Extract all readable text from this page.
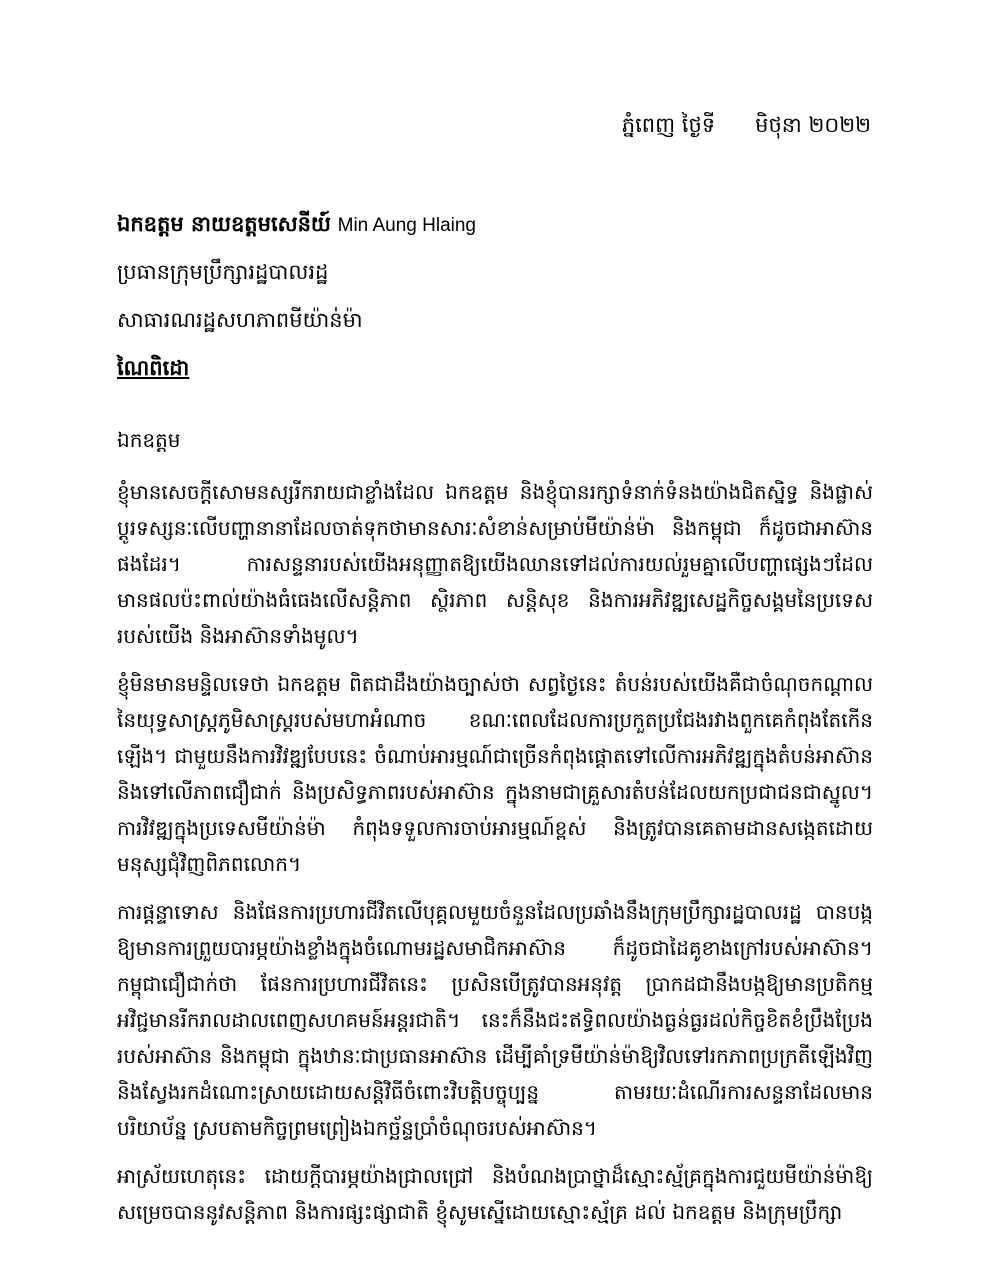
ភ្នំពេញ ថ្ងៃទី មិថុនា ២០២២
ឯកឧត្តម នាយឧត្តមសេនីយ៍ Min Aung Hlaing
ប្រធានក្រុមប្រឹក្សារដ្ឋបាលរដ្ឋ
សាធារណរដ្ឋសហភាពមីយ៉ាន់ម៉ា
ណៃពិដោ
ឯកឧត្តម

ខ្ញុំមានសេចក្តីសោមនស្សរីករាយជាខ្លាំងដែល ឯកឧត្តម និងខ្ញុំបានរក្សាទំនាក់ទំនងយ៉ាងជិតស្និទ្ធ និងផ្លាស់ប្តូរទស្សនៈលើបញ្ហានានាដែលចាត់ទុកថាមានសារៈសំខាន់សម្រាប់មីយ៉ាន់ម៉ា និងកម្ពុជា ក៏ដូចជាអាស៊ានផងដែរ។ ការសន្ទនារបស់យើងអនុញ្ញាតឱ្យយើងឈានទៅដល់ការយល់រួមគ្នាលើបញ្ហាផ្សេងៗដែលមានផលប៉ះពាល់យ៉ាងធំធេងលើសន្តិភាព ស្ថិរភាព សន្តិសុខ និងការអភិវឌ្ឍសេដ្ឋកិច្ចសង្គមនៃប្រទេសរបស់យើង និងអាស៊ានទាំងមូល។

ខ្ញុំមិនមានមន្ទិលទេថា ឯកឧត្តម ពិតជាដឹងយ៉ាងច្បាស់ថា សព្វថ្ងៃនេះ តំបន់របស់យើងគឺជាចំណុចកណ្តាលនៃយុទ្ធសាស្ត្រភូមិសាស្ត្ររបស់មហាអំណាច ខណៈពេលដែលការប្រកួតប្រជែងរវាងពួកគេកំពុងតែកើនឡើង។ ជាមួយនឹងការវិវឌ្ឍបែបនេះ ចំណាប់អារម្មណ៍ជាច្រើនកំពុងផ្តោតទៅលើការអភិវឌ្ឍក្នុងតំបន់អាស៊ាន និងទៅលើភាពជឿជាក់ និងប្រសិទ្ធភាពរបស់អាស៊ាន ក្នុងនាមជាគ្រួសារតំបន់ដែលយកប្រជាជនជាស្នូល។ ការវិវឌ្ឍក្នុងប្រទេសមីយ៉ាន់ម៉ា កំពុងទទួលការចាប់អារម្មណ៍ខ្ពស់ និងត្រូវបានគេតាមដានសង្កេតដោយមនុស្សជុំវិញពិភពលោក។

ការផ្តន្ទាទោស និងផែនការប្រហារជីវិតលើបុគ្គលមួយចំនួនដែលប្រឆាំងនឹងក្រុមប្រឹក្សារដ្ឋបាលរដ្ឋ បានបង្កឱ្យមានការព្រួយបារម្ភយ៉ាងខ្លាំងក្នុងចំណោមរដ្ឋសមាជិកអាស៊ាន ក៏ដូចជាដៃគូខាងក្រៅរបស់អាស៊ាន។ កម្ពុជាជឿជាក់ថា ផែនការប្រហារជីវិតនេះ ប្រសិនបើត្រូវបានអនុវត្ត ប្រាកដជានឹងបង្កឱ្យមានប្រតិកម្មអវិជ្ជមានរីករាលដាលពេញសហគមន៍អន្តរជាតិ។ នេះក៏នឹងជះឥទ្ធិពលយ៉ាងធ្ងន់ធ្ងរដល់កិច្ចខិតខំប្រឹងប្រែងរបស់អាស៊ាន និងកម្ពុជា ក្នុងឋានៈជាប្រធានអាស៊ាន ដើម្បីគាំទ្រមីយ៉ាន់ម៉ាឱ្យវិលទៅរកភាពប្រក្រតីឡើងវិញ និងស្វែងរកដំណោះស្រាយដោយសន្តិវិធីចំពោះវិបត្តិបច្ចុប្បន្ន តាមរយៈដំណើរការសន្ទនាដែលមានបរិយាប័ន្ន ស្របតាមកិច្ចព្រមព្រៀងឯកច្ឆ័ន្ទប្រាំចំណុចរបស់អាស៊ាន។

អាស្រ័យហេតុនេះ ដោយក្តីបារម្ភយ៉ាងជ្រាលជ្រៅ និងបំណងប្រាថ្នាដ៏ស្មោះស្ម័គ្រក្នុងការជួយមីយ៉ាន់ម៉ាឱ្យសម្រេចបាននូវសន្តិភាព និងការផ្សះផ្សាជាតិ ខ្ញុំសូមស្នើដោយស្មោះស្ម័គ្រ ដល់ ឯកឧត្តម និងក្រុមប្រឹក្សា
